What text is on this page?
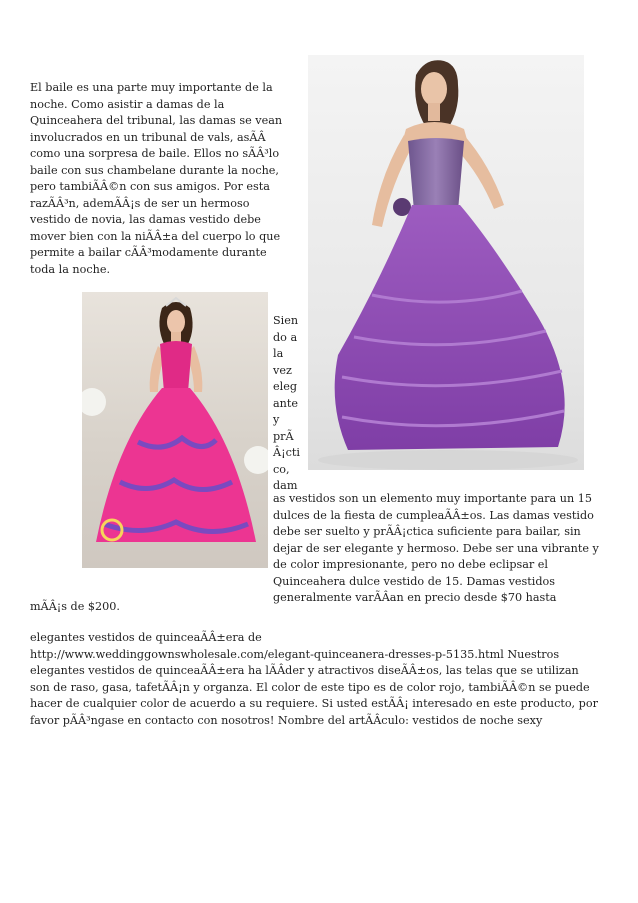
El baile es una parte muy importante de la
noche. Como asistir a damas de la
Quinceahera del tribunal, las damas se vean
involucrados en un tribunal de vals, asÃÂ
como una sorpresa de baile. Ellos no sÃÂ³lo
baile con sus chambelane durante la noche,
pero tambiÃÂ©n con sus amigos. Por esta
razÃÂ³n, ademÃÂ¡s de ser un hermoso
vestido de novia, las damas vestido debe
mover bien con la niÃÂ±a del cuerpo lo que
permite a bailar cÃÂ³modamente durante
toda la noche.

Sien
do a
la
vez
eleg
ante
y
prÃ
Â¡cti
co,
dam

as vestidos son un elemento muy importante para un 15
dulces de la fiesta de cumpleaÃÂ±os. Las damas vestido
debe ser suelto y prÃÂ¡ctica suficiente para bailar, sin
dejar de ser elegante y hermoso. Debe ser una vibrante y
de color impresionante, pero no debe eclipsar el
Quinceahera dulce vestido de 15. Damas vestidos
generalmente varÃÂan en precio desde $70 hasta

mÃÂ¡s de $200.

elegantes vestidos de quinceaÃÂ±era de
http://www.weddinggownswholesale.com/elegant-quinceanera-dresses-p-5135.html Nuestros
elegantes vestidos de quinceaÃÂ±era ha lÃÂder y atractivos diseÃÂ±os, las telas que se utilizan
son de raso, gasa, tafetÃÂ¡n y organza. El color de este tipo es de color rojo, tambiÃÂ©n se puede
hacer de cualquier color de acuerdo a su requiere. Si usted estÃÂ¡ interesado en este producto, por
favor pÃÂ³ngase en contacto con nosotros! Nombre del artÃÂculo: vestidos de noche sexy
